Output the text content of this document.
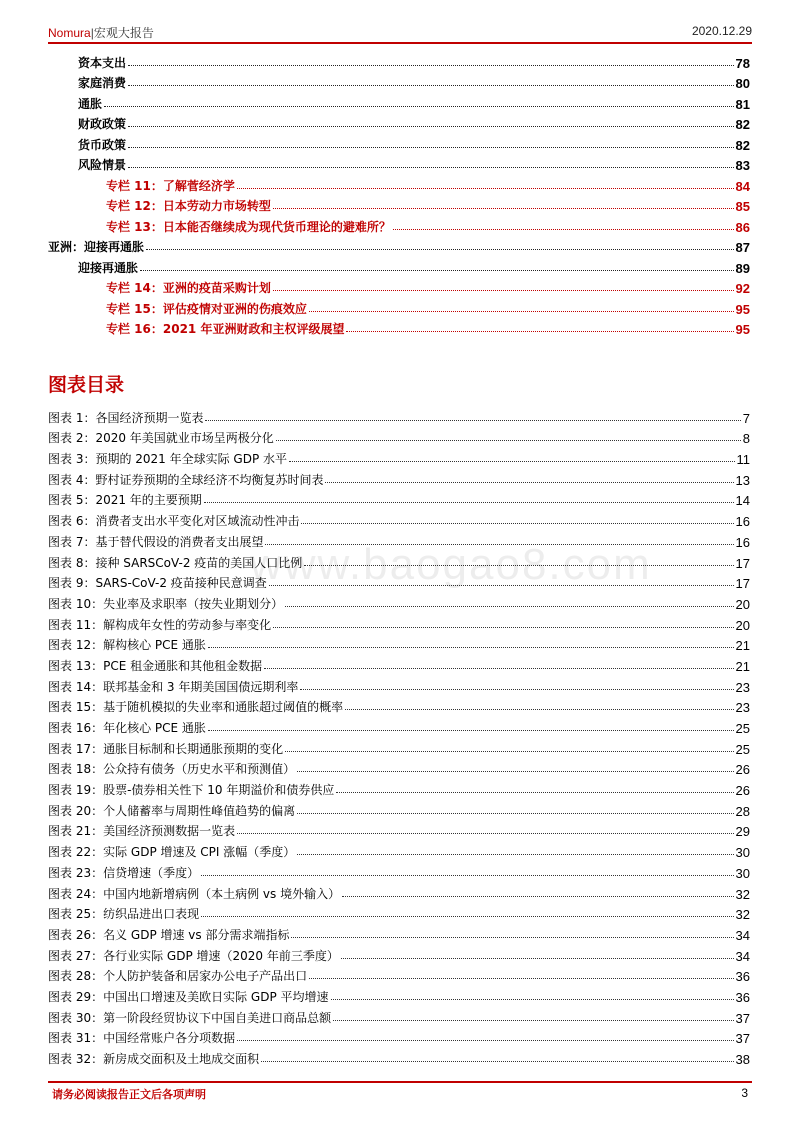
Nomura|宏观大报告	2020.12.29
资本支出	78
家庭消费	80
通胀	81
财政政策	82
货币政策	82
风险情景	83
专栏 11：了解菅经济学	84
专栏 12：日本劳动力市场转型	85
专栏 13：日本能否继续成为现代货币理论的避难所？	86
亚洲：迎接再通胀	87
迎接再通胀	89
专栏 14：亚洲的疫苗采购计划	92
专栏 15：评估疫情对亚洲的伤痕效应	95
专栏 16：2021 年亚洲财政和主权评级展望	95
图表目录
图表 1：各国经济预期一览表	7
图表 2：2020 年美国就业市场呈两极分化	8
图表 3：预期的 2021 年全球实际 GDP 水平	11
图表 4：野村证券预期的全球经济不均衡复苏时间表	13
图表 5：2021 年的主要预期	14
图表 6：消费者支出水平变化对区域流动性冲击	16
图表 7：基于替代假设的消费者支出展望	16
图表 8：接种 SARSCoV-2 疫苗的美国人口比例	17
图表 9：SARS-CoV-2 疫苗接种民意调查	17
图表 10：失业率及求职率（按失业期划分）	20
图表 11：解构成年女性的劳动参与率变化	20
图表 12：解构核心 PCE 通胀	21
图表 13：PCE 租金通胀和其他租金数据	21
图表 14：联邦基金和 3 年期美国国债远期利率	23
图表 15：基于随机模拟的失业率和通胀超过阈值的概率	23
图表 16：年化核心 PCE 通胀	25
图表 17：通胀目标制和长期通胀预期的变化	25
图表 18：公众持有债务（历史水平和预测值）	26
图表 19：股票-债券相关性下 10 年期溢价和债券供应	26
图表 20：个人储蓄率与周期性峰值趋势的偏离	28
图表 21：美国经济预测数据一览表	29
图表 22：实际 GDP 增速及 CPI 涨幅（季度）	30
图表 23：信贷增速（季度）	30
图表 24：中国内地新增病例（本土病例 vs 境外输入）	32
图表 25：纺织品进出口表现	32
图表 26：名义 GDP 增速 vs 部分需求端指标	34
图表 27：各行业实际 GDP 增速（2020 年前三季度）	34
图表 28：个人防护装备和居家办公电子产品出口	36
图表 29：中国出口增速及美欧日实际 GDP 平均增速	36
图表 30：第一阶段经贸协议下中国自美进口商品总额	37
图表 31：中国经常账户各分项数据	37
图表 32：新房成交面积及土地成交面积	38
www.baogao8.com
请务必阅读报告正文后各项声明	3
